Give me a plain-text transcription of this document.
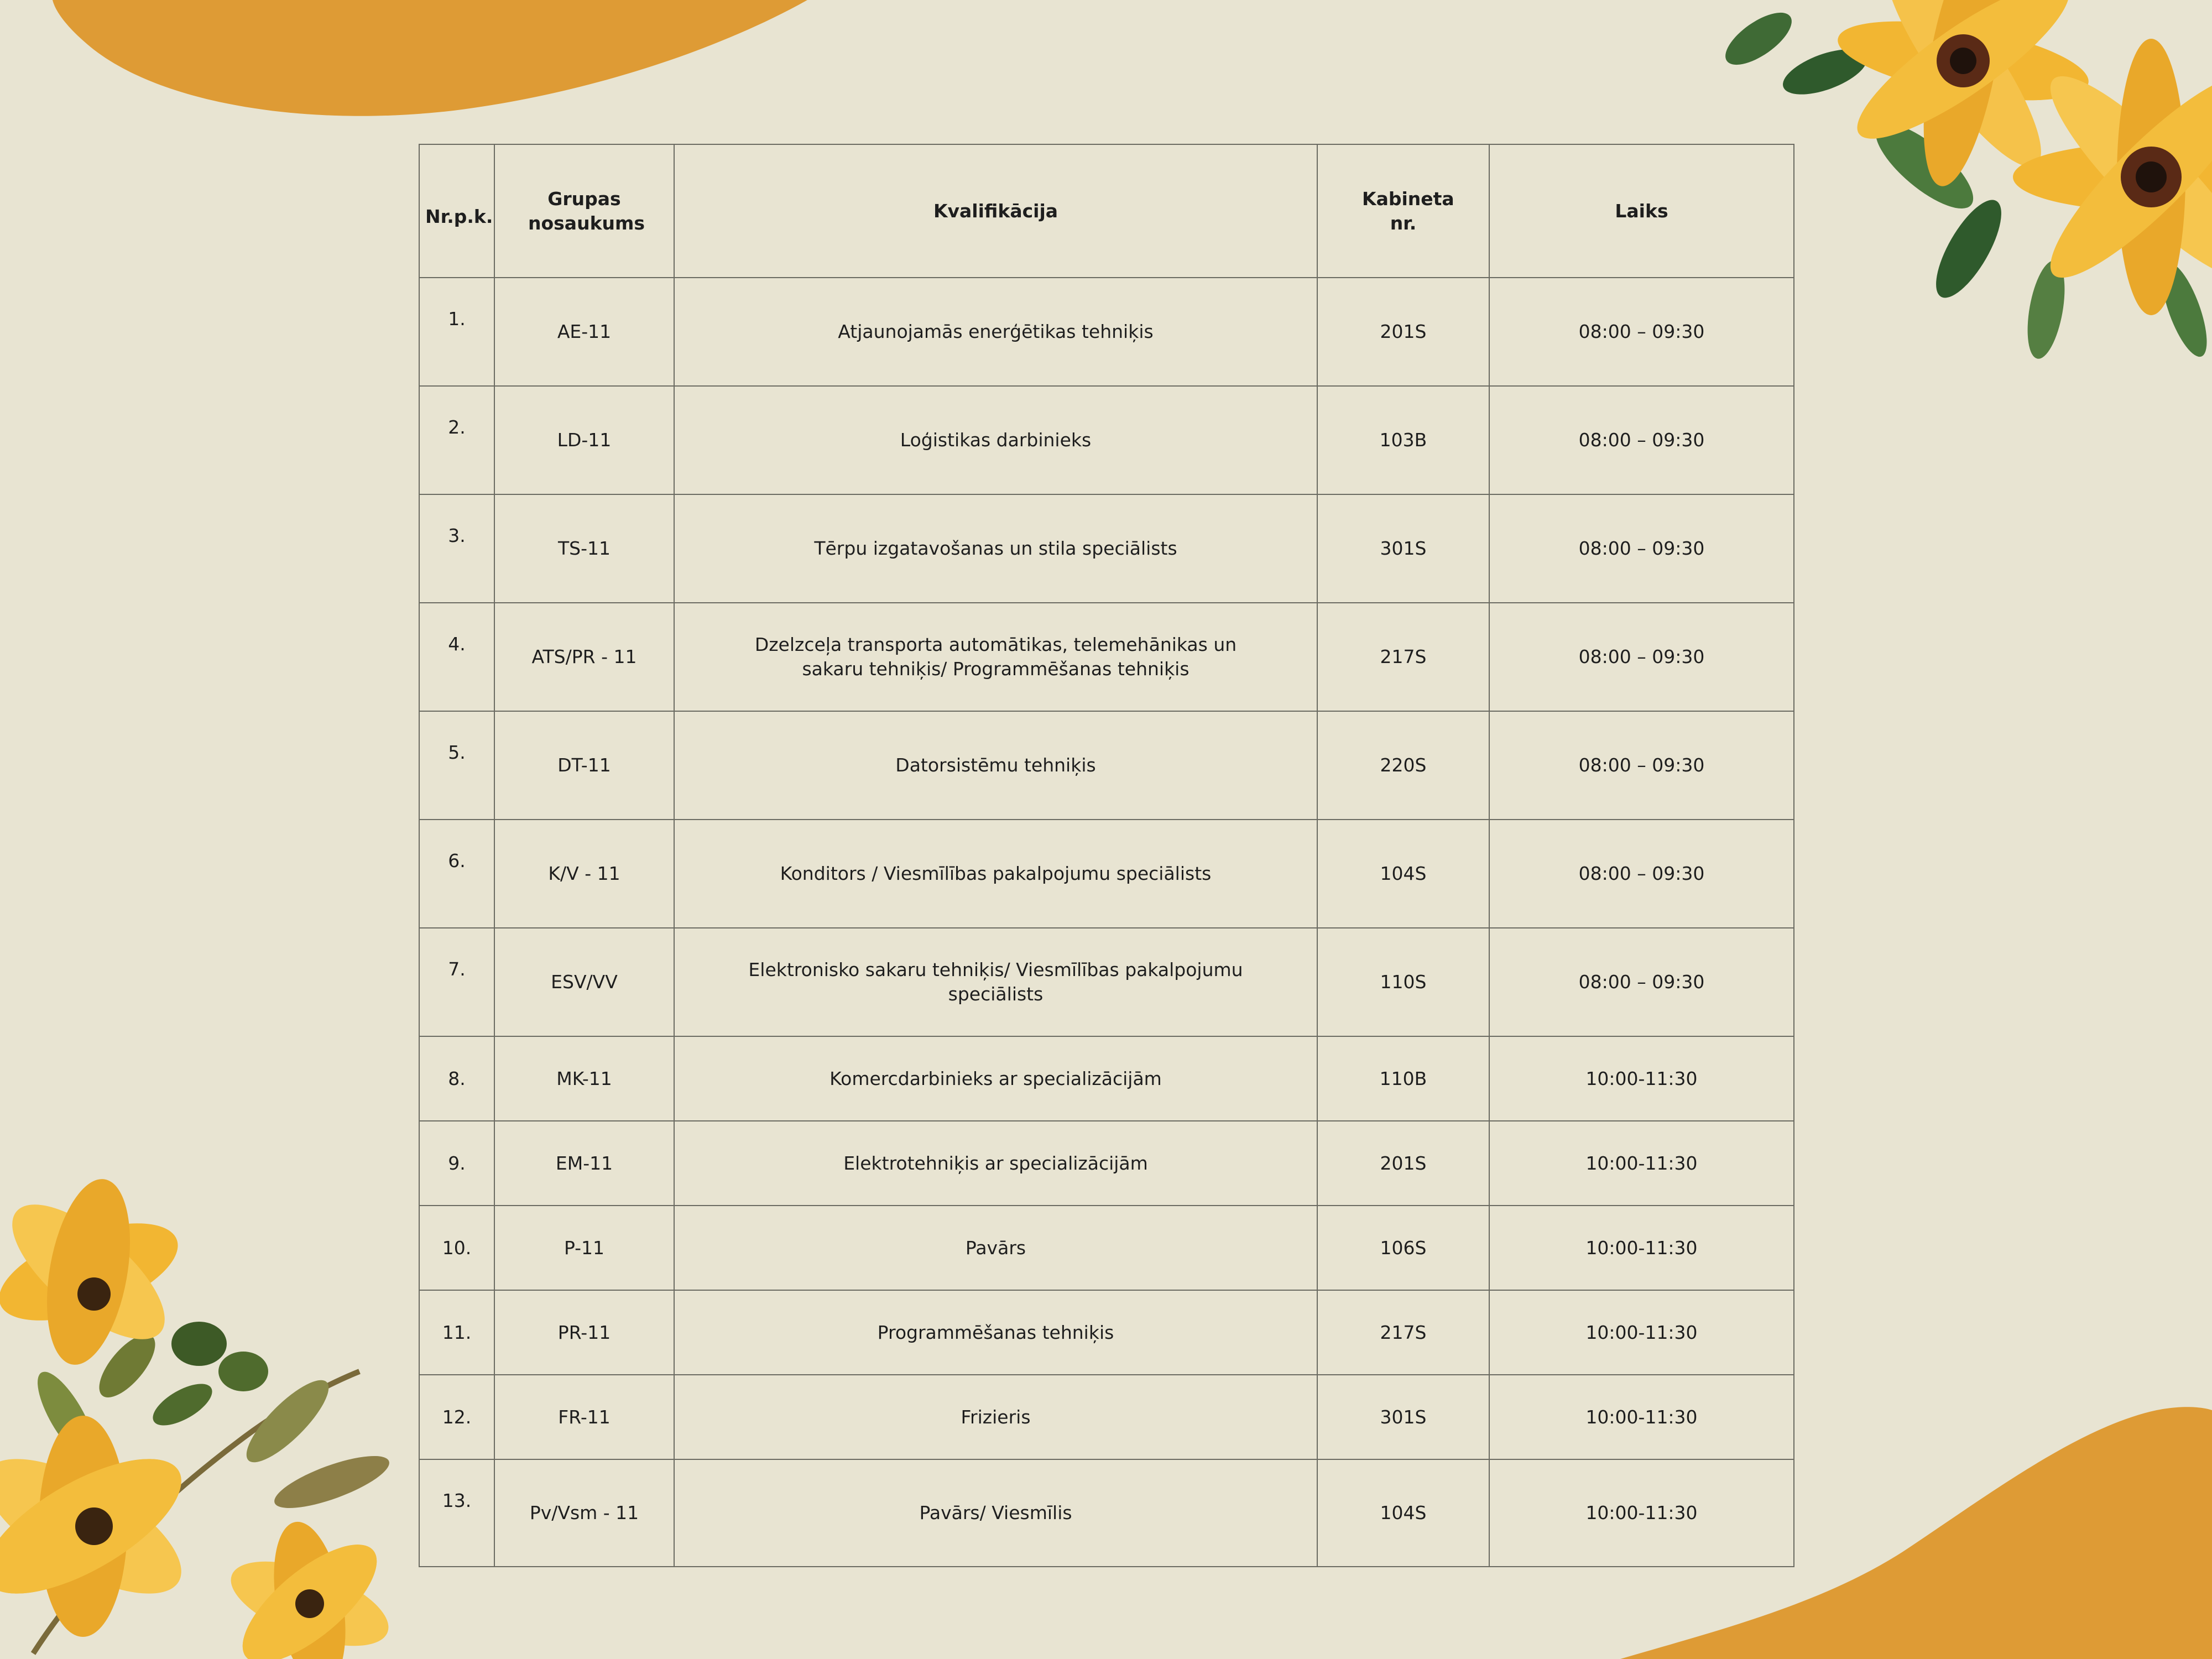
Nr.p.k.	Grupas nosaukums	Kvalifikācija	Kabineta nr.	Laiks
1.	AE-11	Atjaunojamās enerģētikas tehniķis	201S	08:00 – 09:30
2.	LD-11	Loģistikas darbinieks	103B	08:00 – 09:30
3.	TS-11	Tērpu izgatavošanas un stila speciālists	301S	08:00 – 09:30
4.	ATS/PR - 11	Dzelzceļa transporta automātikas, telemehānikas un sakaru tehniķis/ Programmēšanas tehniķis	217S	08:00 – 09:30
5.	DT-11	Datorsistēmu tehniķis	220S	08:00 – 09:30
6.	K/V - 11	Konditors / Viesmīlības pakalpojumu speciālists	104S	08:00 – 09:30
7.	ESV/VV	Elektronisko sakaru tehniķis/ Viesmīlības pakalpojumu speciālists	110S	08:00 – 09:30
8.	MK-11	Komercdarbinieks ar specializācijām	110B	10:00-11:30
9.	EM-11	Elektrotehniķis ar specializācijām	201S	10:00-11:30
10.	P-11	Pavārs	106S	10:00-11:30
11.	PR-11	Programmēšanas tehniķis	217S	10:00-11:30
12.	FR-11	Frizieris	301S	10:00-11:30
13.	Pv/Vsm - 11	Pavārs/ Viesmīlis	104S	10:00-11:30
